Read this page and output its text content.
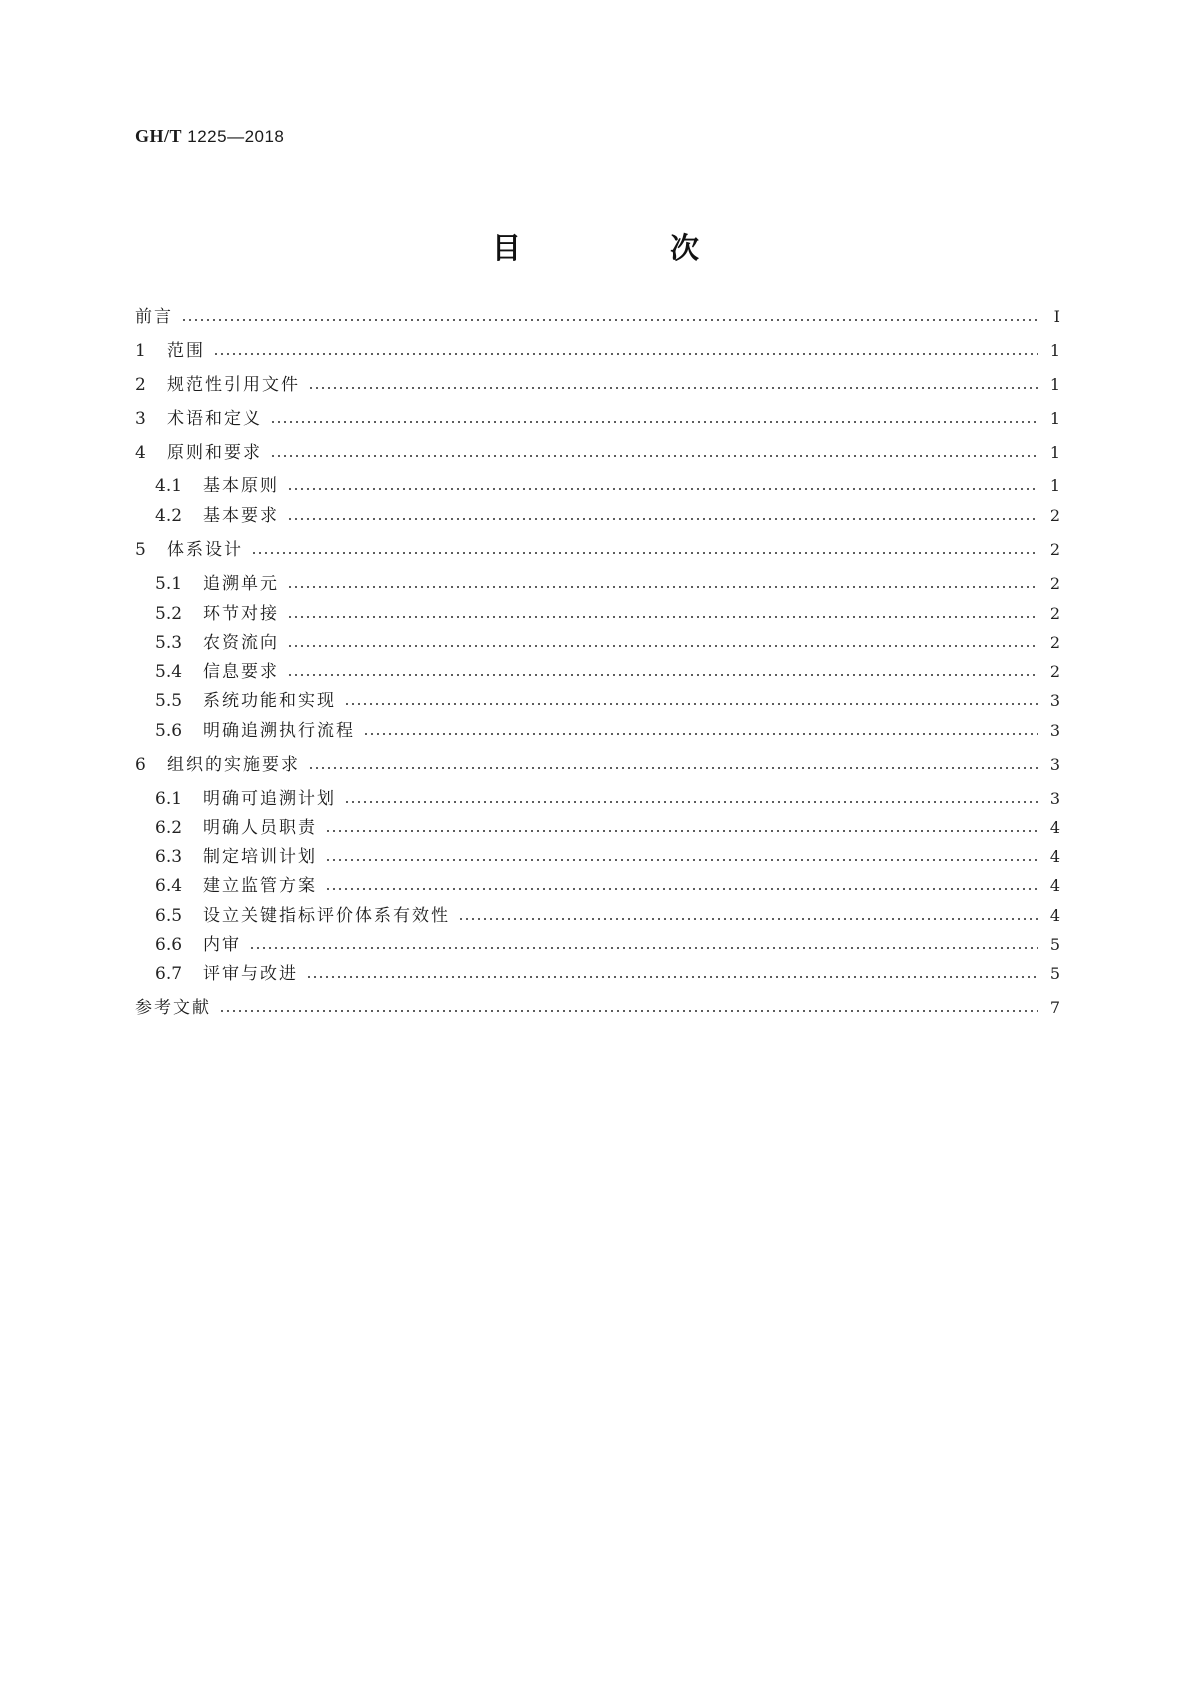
GH/T 1225—2018
目　次
前言	I
1	范围	1
2	规范性引用文件	1
3	术语和定义	1
4	原则和要求	1
4.1	基本原则	1
4.2	基本要求	2
5	体系设计	2
5.1	追溯单元	2
5.2	环节对接	2
5.3	农资流向	2
5.4	信息要求	2
5.5	系统功能和实现	3
5.6	明确追溯执行流程	3
6	组织的实施要求	3
6.1	明确可追溯计划	3
6.2	明确人员职责	4
6.3	制定培训计划	4
6.4	建立监管方案	4
6.5	设立关键指标评价体系有效性	4
6.6	内审	5
6.7	评审与改进	5
参考文献	7
